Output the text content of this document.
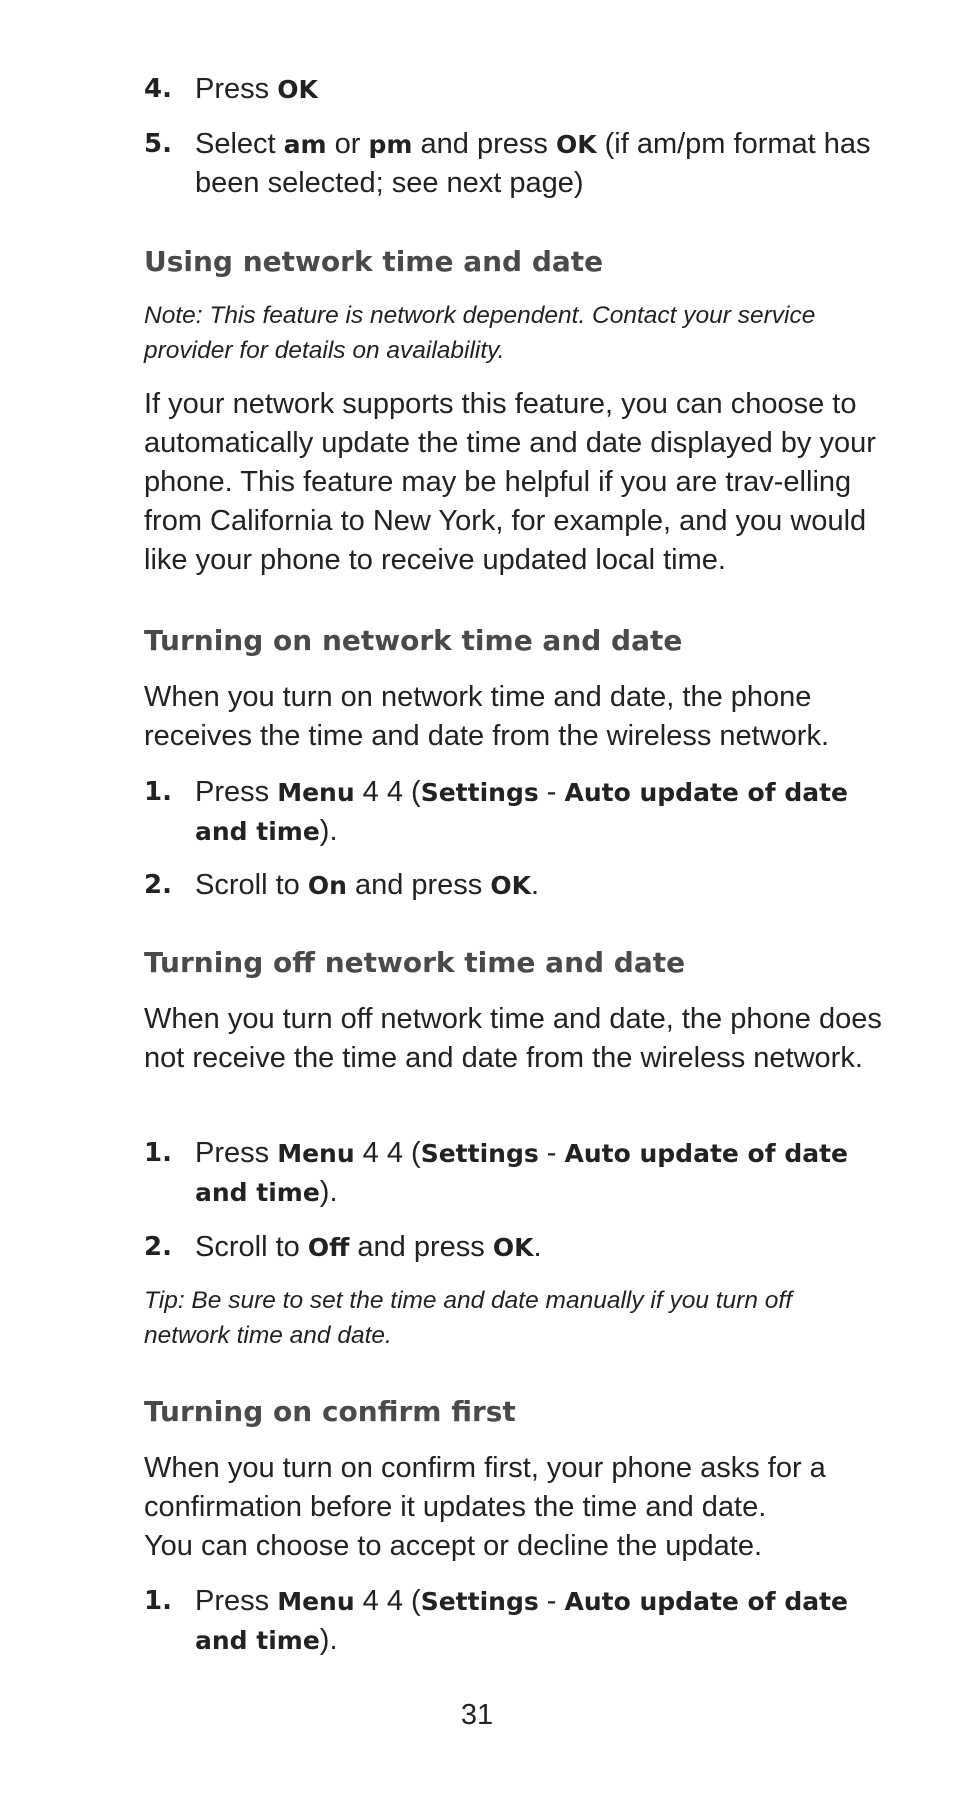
4. Press OK
5. Select am or pm and press OK (if am/pm format has been selected; see next page)
Using network time and date

Note: This feature is network dependent. Contact your service provider for details on availability.

If your network supports this feature, you can choose to automatically update the time and date displayed by your phone. This feature may be helpful if you are trav-elling from California to New York, for example, and you would like your phone to receive updated local time.

Turning on network time and date

When you turn on network time and date, the phone receives the time and date from the wireless network.

1. Press Menu 4 4 (Settings - Auto update of date and time).
2. Scroll to On and press OK.
Turning off network time and date

When you turn off network time and date, the phone does not receive the time and date from the wireless network.

1. Press Menu 4 4 (Settings - Auto update of date and time).
2. Scroll to Off and press OK.

Tip: Be sure to set the time and date manually if you turn off network time and date.

Turning on confirm first

When you turn on confirm first, your phone asks for a confirmation before it updates the time and date.
You can choose to accept or decline the update.

1. Press Menu 4 4 (Settings - Auto update of date and time).
31
